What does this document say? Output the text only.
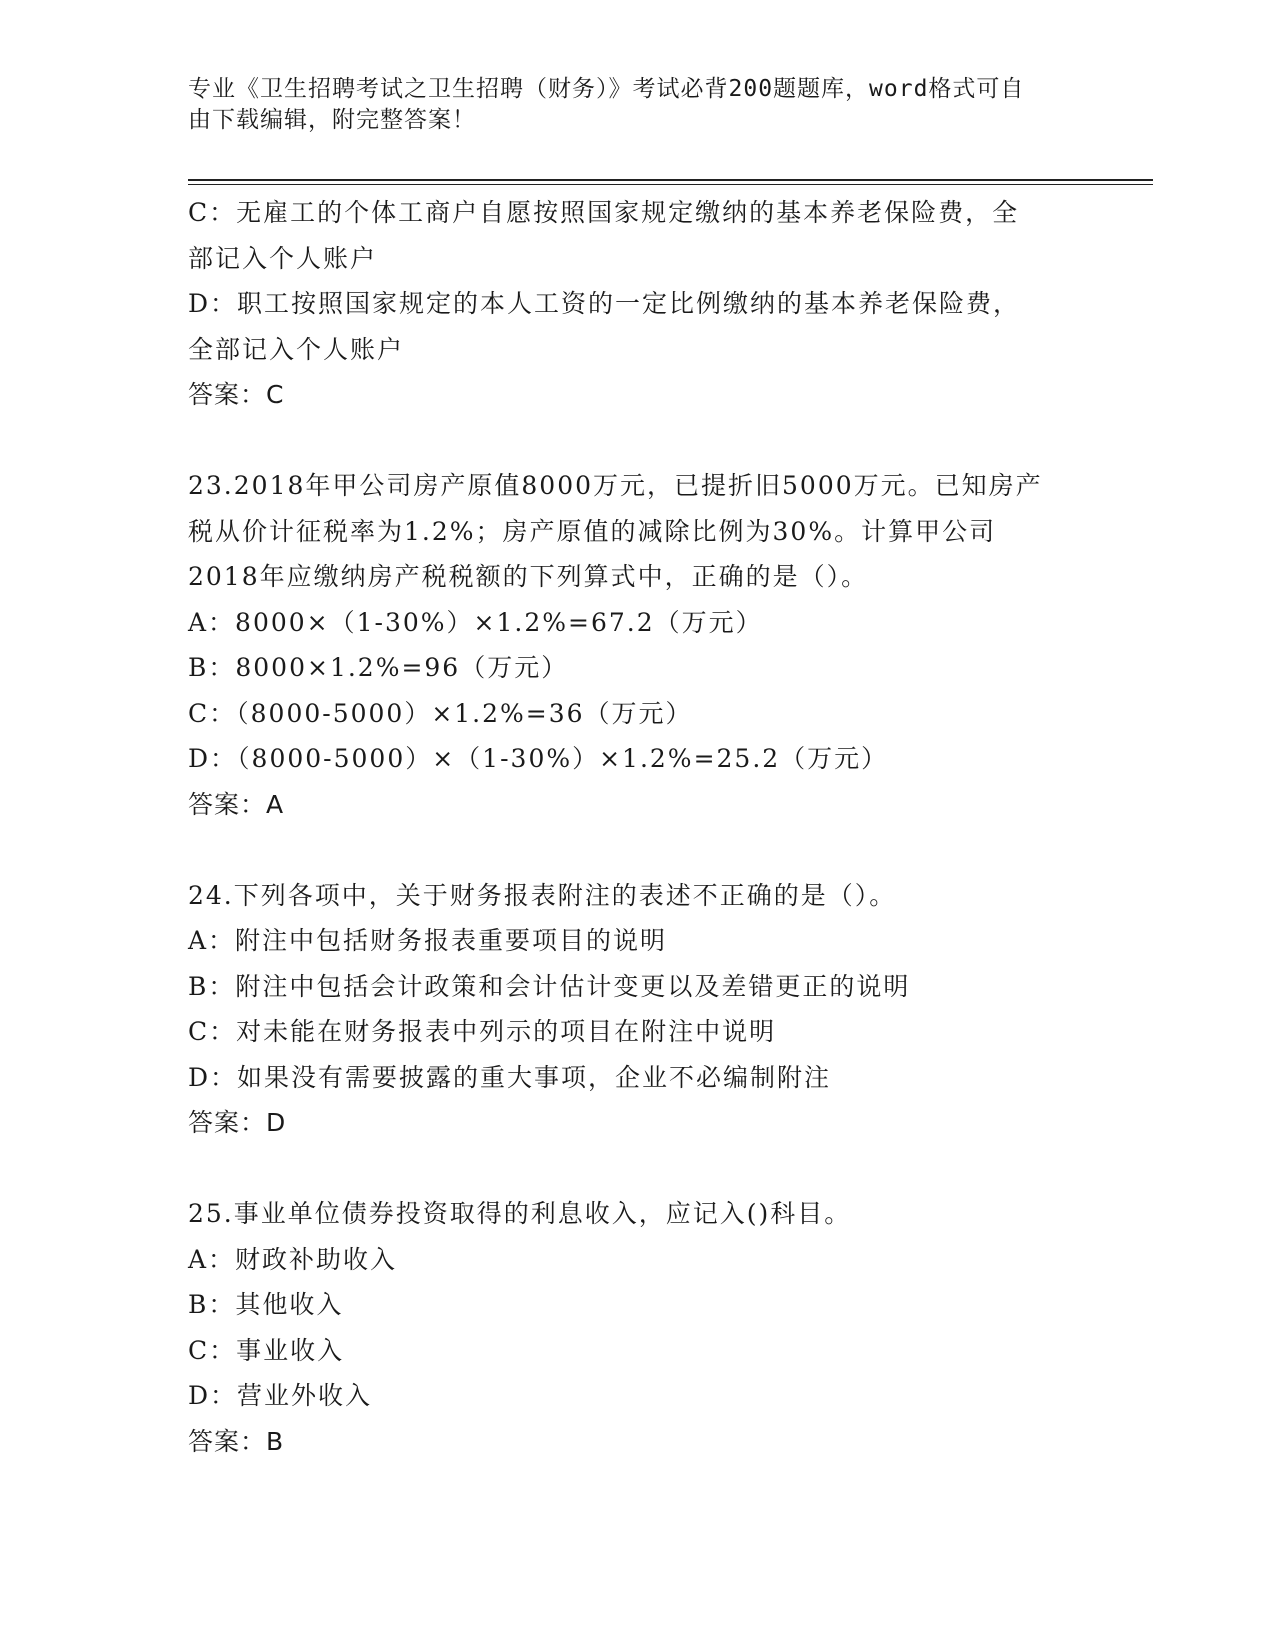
专业《卫生招聘考试之卫生招聘（财务）》考试必背200题题库，word格式可自
由下载编辑，附完整答案！
C：无雇工的个体工商户自愿按照国家规定缴纳的基本养老保险费，全
部记入个人账户
D：职工按照国家规定的本人工资的一定比例缴纳的基本养老保险费，
全部记入个人账户
答案：C
23.2018年甲公司房产原值8000万元，已提折旧5000万元。已知房产
税从价计征税率为1.2%；房产原值的减除比例为30%。计算甲公司
2018年应缴纳房产税税额的下列算式中，正确的是（）。
A：8000×（1-30%）×1.2%=67.2（万元）
B：8000×1.2%=96（万元）
C：（8000-5000）×1.2%=36（万元）
D：（8000-5000）×（1-30%）×1.2%=25.2（万元）
答案：A
24.下列各项中，关于财务报表附注的表述不正确的是（）。
A：附注中包括财务报表重要项目的说明
B：附注中包括会计政策和会计估计变更以及差错更正的说明
C：对未能在财务报表中列示的项目在附注中说明
D：如果没有需要披露的重大事项，企业不必编制附注
答案：D
25.事业单位债券投资取得的利息收入，应记入()科目。
A：财政补助收入
B：其他收入
C：事业收入
D：营业外收入
答案：B
